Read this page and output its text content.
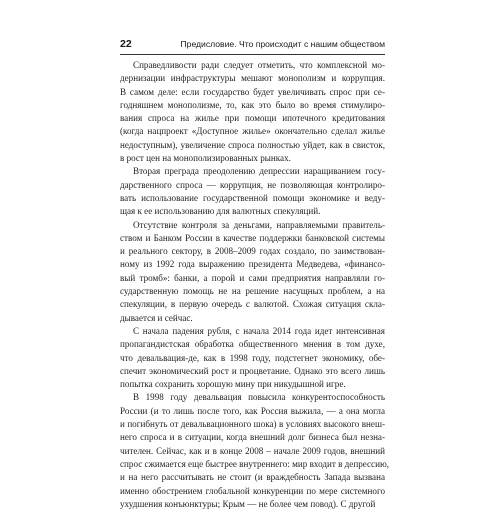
22	Предисловие. Что происходит с нашим обществом
Справедливости ради следует отметить, что комплексной мо-
дернизации инфраструктуры мешают монополизм и коррупция.
В самом деле: если государство будет увеличивать спрос при се-
годняшнем монополизме, то, как это было во время стимулиро-
вания спроса на жилье при помощи ипотечного кредитования
(когда нацпроект «Доступное жилье» окончательно сделал жилье
недоступным), увеличение спроса полностью уйдет, как в свисток,
в рост цен на монополизированных рынках.
Вторая преграда преодолению депрессии наращиванием госу-
дарственного спроса — коррупция, не позволяющая контролиро-
вать использование государственной помощи экономике и веду-
щая к ее использованию для валютных спекуляций.
Отсутствие контроля за деньгами, направляемыми правитель-
ством и Банком России в качестве поддержки банковской системы
и реального сектору, в 2008–2009 годах создало, по заимствован-
ному из 1992 года выражению президента Медведева, «финансо-
вый тромб»: банки, а порой и сами предприятия направляли го-
сударственную помощь не на решение насущных проблем, а на
спекуляции, в первую очередь с валютой. Схожая ситуация скла-
дывается и сейчас.
С начала падения рубля, с начала 2014 года идет интенсивная
пропагандистская обработка общественного мнения в том духе,
что девальвация-де, как в 1998 году, подстегнет экономику, обе-
спечит экономический рост и процветание. Однако это всего лишь
попытка сохранить хорошую мину при никудышной игре.
В 1998 году девальвация повысила конкурентоспособность
России (и то лишь после того, как Россия выжила, — а она могла
и погибнуть от девальвационного шока) в условиях высокого внеш-
него спроса и в ситуации, когда внешний долг бизнеса был незна-
чителен. Сейчас, как и в конце 2008 – начале 2009 годов, внешний
спрос сжимается еще быстрее внутреннего: мир входит в депрессию,
и на него рассчитывать не стоит (и враждебность Запада вызвана
именно обострением глобальной конкуренции по мере системного
ухудшения конъюнктуры; Крым — не более чем повод). С другой
